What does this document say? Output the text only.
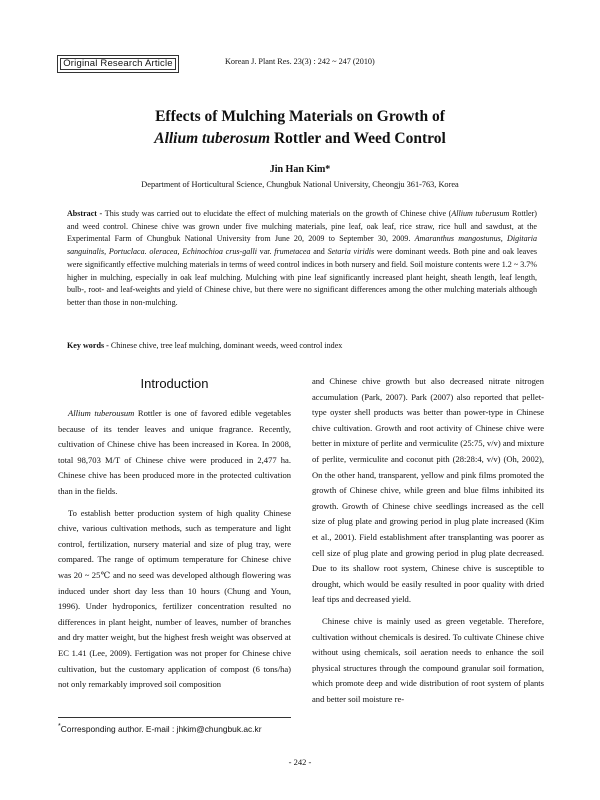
Original Research Article	Korean J. Plant Res. 23(3) : 242 ~ 247 (2010)
Effects of Mulching Materials on Growth of
Allium tuberosum Rottler and Weed Control
Jin Han Kim*
Department of Horticultural Science, Chungbuk National University, Cheongju 361-763, Korea
Abstract - This study was carried out to elucidate the effect of mulching materials on the growth of Chinese chive (Allium tuberusum Rottler) and weed control. Chinese chive was grown under five mulching materials, pine leaf, oak leaf, rice straw, rice hull and sawdust, at the Experimental Farm of Chungbuk National University from June 20, 2009 to September 30, 2009. Amaranthus mangostunus, Digitaria sanguinalis, Portuclaca. oleracea, Echinochioa crus-galli var. frumetacea and Setaria viridis were dominant weeds. Both pine and oak leaves were significantly effective mulching materials in terms of weed control indices in both nursery and field. Soil moisture contents were 1.2 ~ 3.7% higher in mulching, especially in oak leaf mulching. Mulching with pine leaf significantly increased plant height, sheath length, leaf length, bulb-, root- and leaf-weights and yield of Chinese chive, but there were no significant differences among the other mulching materials although better than those in non-mulching.
Key words - Chinese chive, tree leaf mulching, dominant weeds, weed control index
Introduction

Allium tuberousum Rottler is one of favored edible vegetables because of its tender leaves and unique fragrance. Recently, cultivation of Chinese chive has been increased in Korea. In 2008, total 98,703 M/T of Chinese chive were produced in 2,477 ha. Chinese chive has been produced more in the protected cultivation than in the fields.

To establish better production system of high quality Chinese chive, various cultivation methods, such as temperature and light control, fertilization, nursery material and size of plug tray, were compared. The range of optimum temperature for Chinese chive was 20 ~ 25℃ and no seed was developed although flowering was induced under short day less than 10 hours (Chung and Youn, 1996). Under hydroponics, fertilizer concentration resulted no differences in plant height, number of leaves, number of branches and dry matter weight, but the highest fresh weight was observed at EC 1.41 (Lee, 2009). Fertigation was not proper for Chinese chive cultivation, but the customary application of compost (6 tons/ha) not only remarkably improved soil composition

and Chinese chive growth but also decreased nitrate nitrogen accumulation (Park, 2007). Park (2007) also reported that pellet-type oyster shell products was better than power-type in Chinese chive cultivation. Growth and root activity of Chinese chive were better in mixture of perlite and vermiculite (25:75, v/v) and mixture of perlite, vermiculite and coconut pith (28:28:4, v/v) (Oh, 2002), On the other hand, transparent, yellow and pink films promoted the growth of Chinese chive, while green and blue films inhibited its growth. Growth of Chinese chive seedlings increased as the cell size of plug plate and growing period in plug plate increased (Kim et al., 2001). Field establishment after transplanting was poorer as cell size of plug plate and growing period in plug plate decreased. Due to its shallow root system, Chinese chive is susceptible to drought, which would be easily resulted in poor quality with dried leaf tips and decreased yield.

Chinese chive is mainly used as green vegetable. Therefore, cultivation without chemicals is desired. To cultivate Chinese chive without using chemicals, soil aeration needs to enhance the soil physical structures through the compound granular soil formation, which promote deep and wide distribution of root system of plants and better soil moisture re-

*Corresponding author. E-mail : jhkim@chungbuk.ac.kr
- 242 -
